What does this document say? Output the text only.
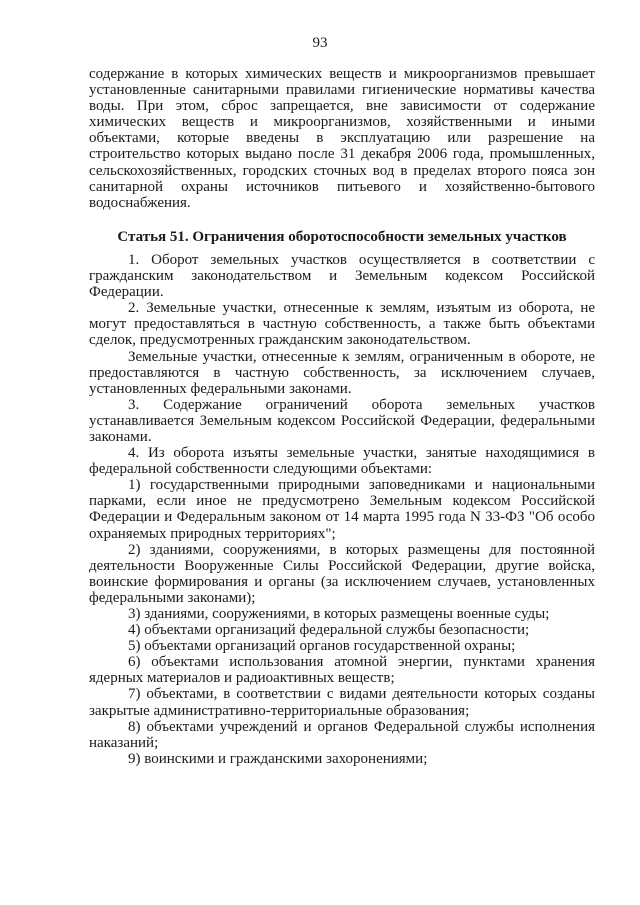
93

содержание в которых химических веществ и микроорганизмов превышает установленные санитарными правилами гигиенические нормативы качества воды. При этом, сброс запрещается, вне зависимости от содержание химических веществ и микроорганизмов, хозяйственными и иными объектами, которые введены в эксплуатацию или разрешение на строительство которых выдано после 31 декабря 2006 года, промышленных, сельскохозяйственных, городских сточных вод в пределах второго пояса зон санитарной охраны источников питьевого и хозяйственно-бытового водоснабжения.

Статья 51. Ограничения оборотоспособности земельных участков

1. Оборот земельных участков осуществляется в соответствии с гражданским законодательством и Земельным кодексом Российской Федерации.

2. Земельные участки, отнесенные к землям, изъятым из оборота, не могут предоставляться в частную собственность, а также быть объектами сделок, предусмотренных гражданским законодательством.

Земельные участки, отнесенные к землям, ограниченным в обороте, не предоставляются в частную собственность, за исключением случаев, установленных федеральными законами.

3. Содержание ограничений оборота земельных участков устанавливается Земельным кодексом Российской Федерации, федеральными законами.

4. Из оборота изъяты земельные участки, занятые находящимися в федеральной собственности следующими объектами:

1) государственными природными заповедниками и национальными парками, если иное не предусмотрено Земельным кодексом Российской Федерации и Федеральным законом от 14 марта 1995 года N 33-ФЗ "Об особо охраняемых природных территориях";

2) зданиями, сооружениями, в которых размещены для постоянной деятельности Вооруженные Силы Российской Федерации, другие войска, воинские формирования и органы (за исключением случаев, установленных федеральными законами);

3) зданиями, сооружениями, в которых размещены военные суды;

4) объектами организаций федеральной службы безопасности;

5) объектами организаций органов государственной охраны;

6) объектами использования атомной энергии, пунктами хранения ядерных материалов и радиоактивных веществ;

7) объектами, в соответствии с видами деятельности которых созданы закрытые административно-территориальные образования;

8) объектами учреждений и органов Федеральной службы исполнения наказаний;

9) воинскими и гражданскими захоронениями;
